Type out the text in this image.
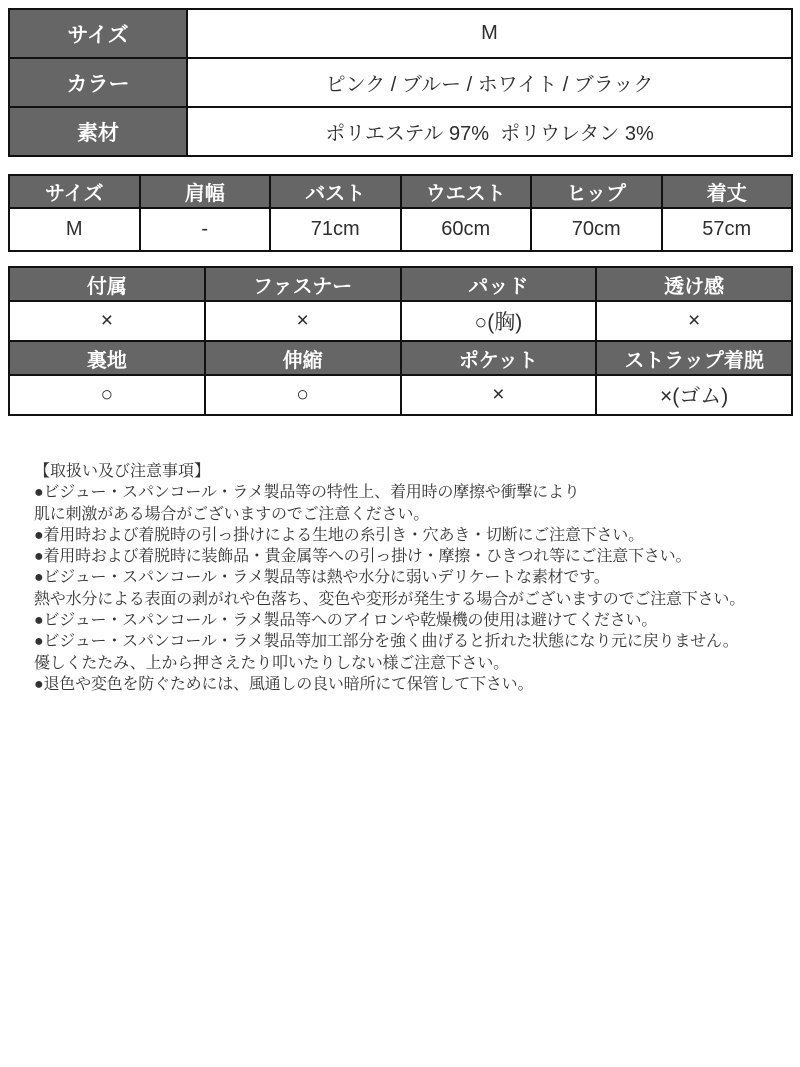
サイズ	M
カラー	ピンク / ブルー / ホワイト / ブラック
素材	ポリエステル 97%  ポリウレタン 3%
サイズ	肩幅	バスト	ウエスト	ヒップ	着丈
M	-	71cm	60cm	70cm	57cm
付属	ファスナー	パッド	透け感
×	×	○(胸)	×
裏地	伸縮	ポケット	ストラップ着脱
○	○	×	×(ゴム)
【取扱い及び注意事項】
●ビジュー・スパンコール・ラメ製品等の特性上、着用時の摩擦や衝撃により
肌に刺激がある場合がございますのでご注意ください。
●着用時および着脱時の引っ掛けによる生地の糸引き・穴あき・切断にご注意下さい。
●着用時および着脱時に装飾品・貴金属等への引っ掛け・摩擦・ひきつれ等にご注意下さい。
●ビジュー・スパンコール・ラメ製品等は熱や水分に弱いデリケートな素材です。
熱や水分による表面の剥がれや色落ち、変色や変形が発生する場合がございますのでご注意下さい。
●ビジュー・スパンコール・ラメ製品等へのアイロンや乾燥機の使用は避けてください。
●ビジュー・スパンコール・ラメ製品等加工部分を強く曲げると折れた状態になり元に戻りません。
優しくたたみ、上から押さえたり叩いたりしない様ご注意下さい。
●退色や変色を防ぐためには、風通しの良い暗所にて保管して下さい。
